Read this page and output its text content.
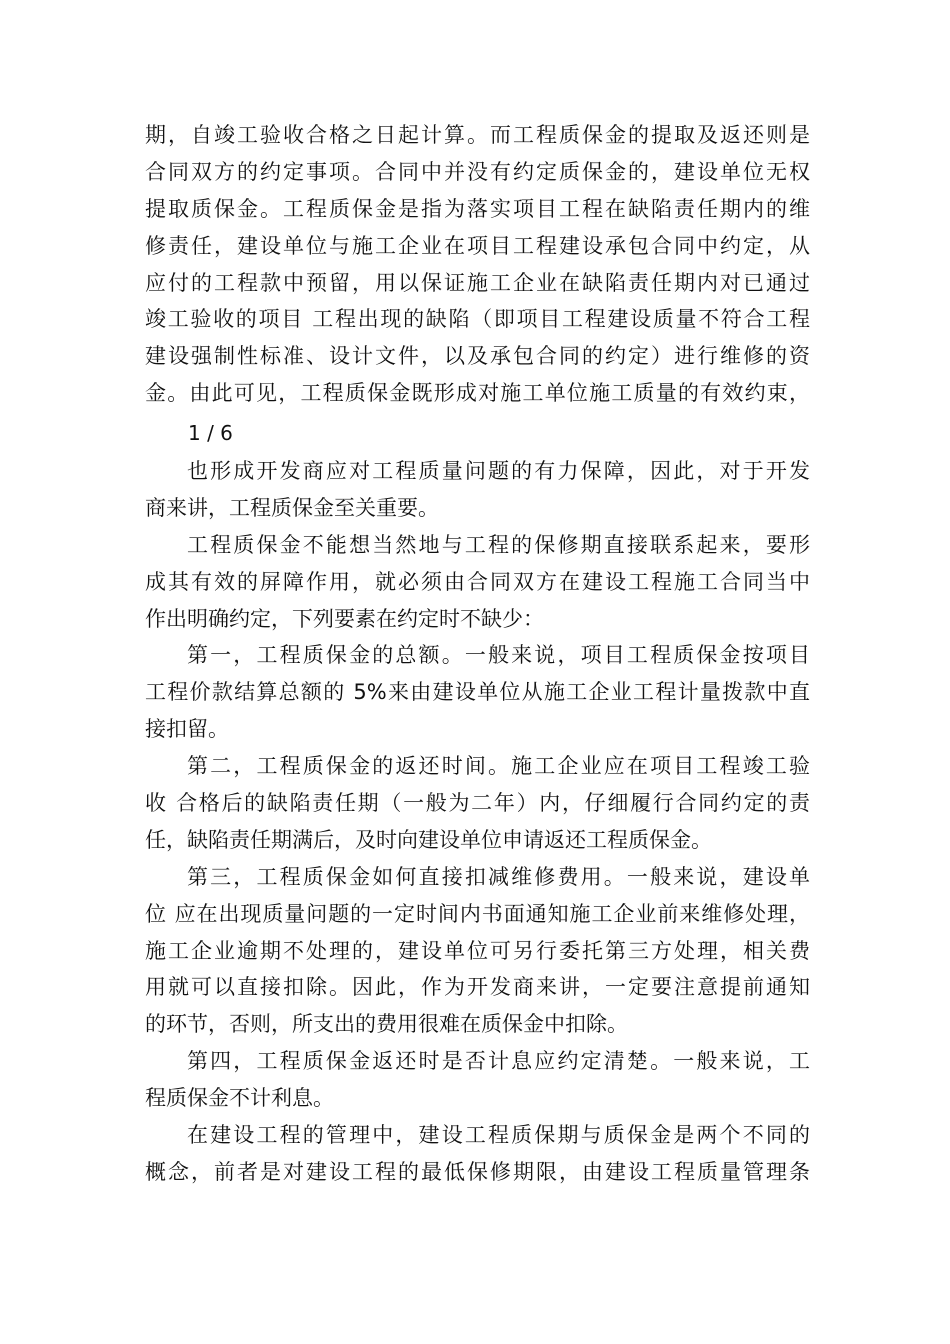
期，自竣工验收合格之日起计算。而工程质保金的提取及返还则是
合同双方的约定事项。合同中并没有约定质保金的，建设单位无权
提取质保金。工程质保金是指为落实项目工程在缺陷责任期内的维
修责任，建设单位与施工企业在项目工程建设承包合同中约定，从
应付的工程款中预留，用以保证施工企业在缺陷责任期内对已通过
竣工验收的项目 工程出现的缺陷（即项目工程建设质量不符合工程
建设强制性标准、设计文件，以及承包合同的约定）进行维修的资
金。由此可见，工程质保金既形成对施工单位施工质量的有效约束，
1 / 6
也形成开发商应对工程质量问题的有力保障，因此，对于开发
商来讲，工程质保金至关重要。
工程质保金不能想当然地与工程的保修期直接联系起来，要形
成其有效的屏障作用，就必须由合同双方在建设工程施工合同当中
作出明确约定，下列要素在约定时不缺少：
第一，工程质保金的总额。一般来说，项目工程质保金按项目
工程价款结算总额的 5%来由建设单位从施工企业工程计量拨款中直
接扣留。
第二，工程质保金的返还时间。施工企业应在项目工程竣工验
收 合格后的缺陷责任期（一般为二年）内，仔细履行合同约定的责
任，缺陷责任期满后，及时向建设单位申请返还工程质保金。
第三，工程质保金如何直接扣减维修费用。一般来说，建设单
位 应在出现质量问题的一定时间内书面通知施工企业前来维修处理，
施工企业逾期不处理的，建设单位可另行委托第三方处理，相关费
用就可以直接扣除。因此，作为开发商来讲，一定要注意提前通知
的环节，否则，所支出的费用很难在质保金中扣除。
第四，工程质保金返还时是否计息应约定清楚。一般来说，工
程质保金不计利息。
在建设工程的管理中，建设工程质保期与质保金是两个不同的
概念，前者是对建设工程的最低保修期限，由建设工程质量管理条
